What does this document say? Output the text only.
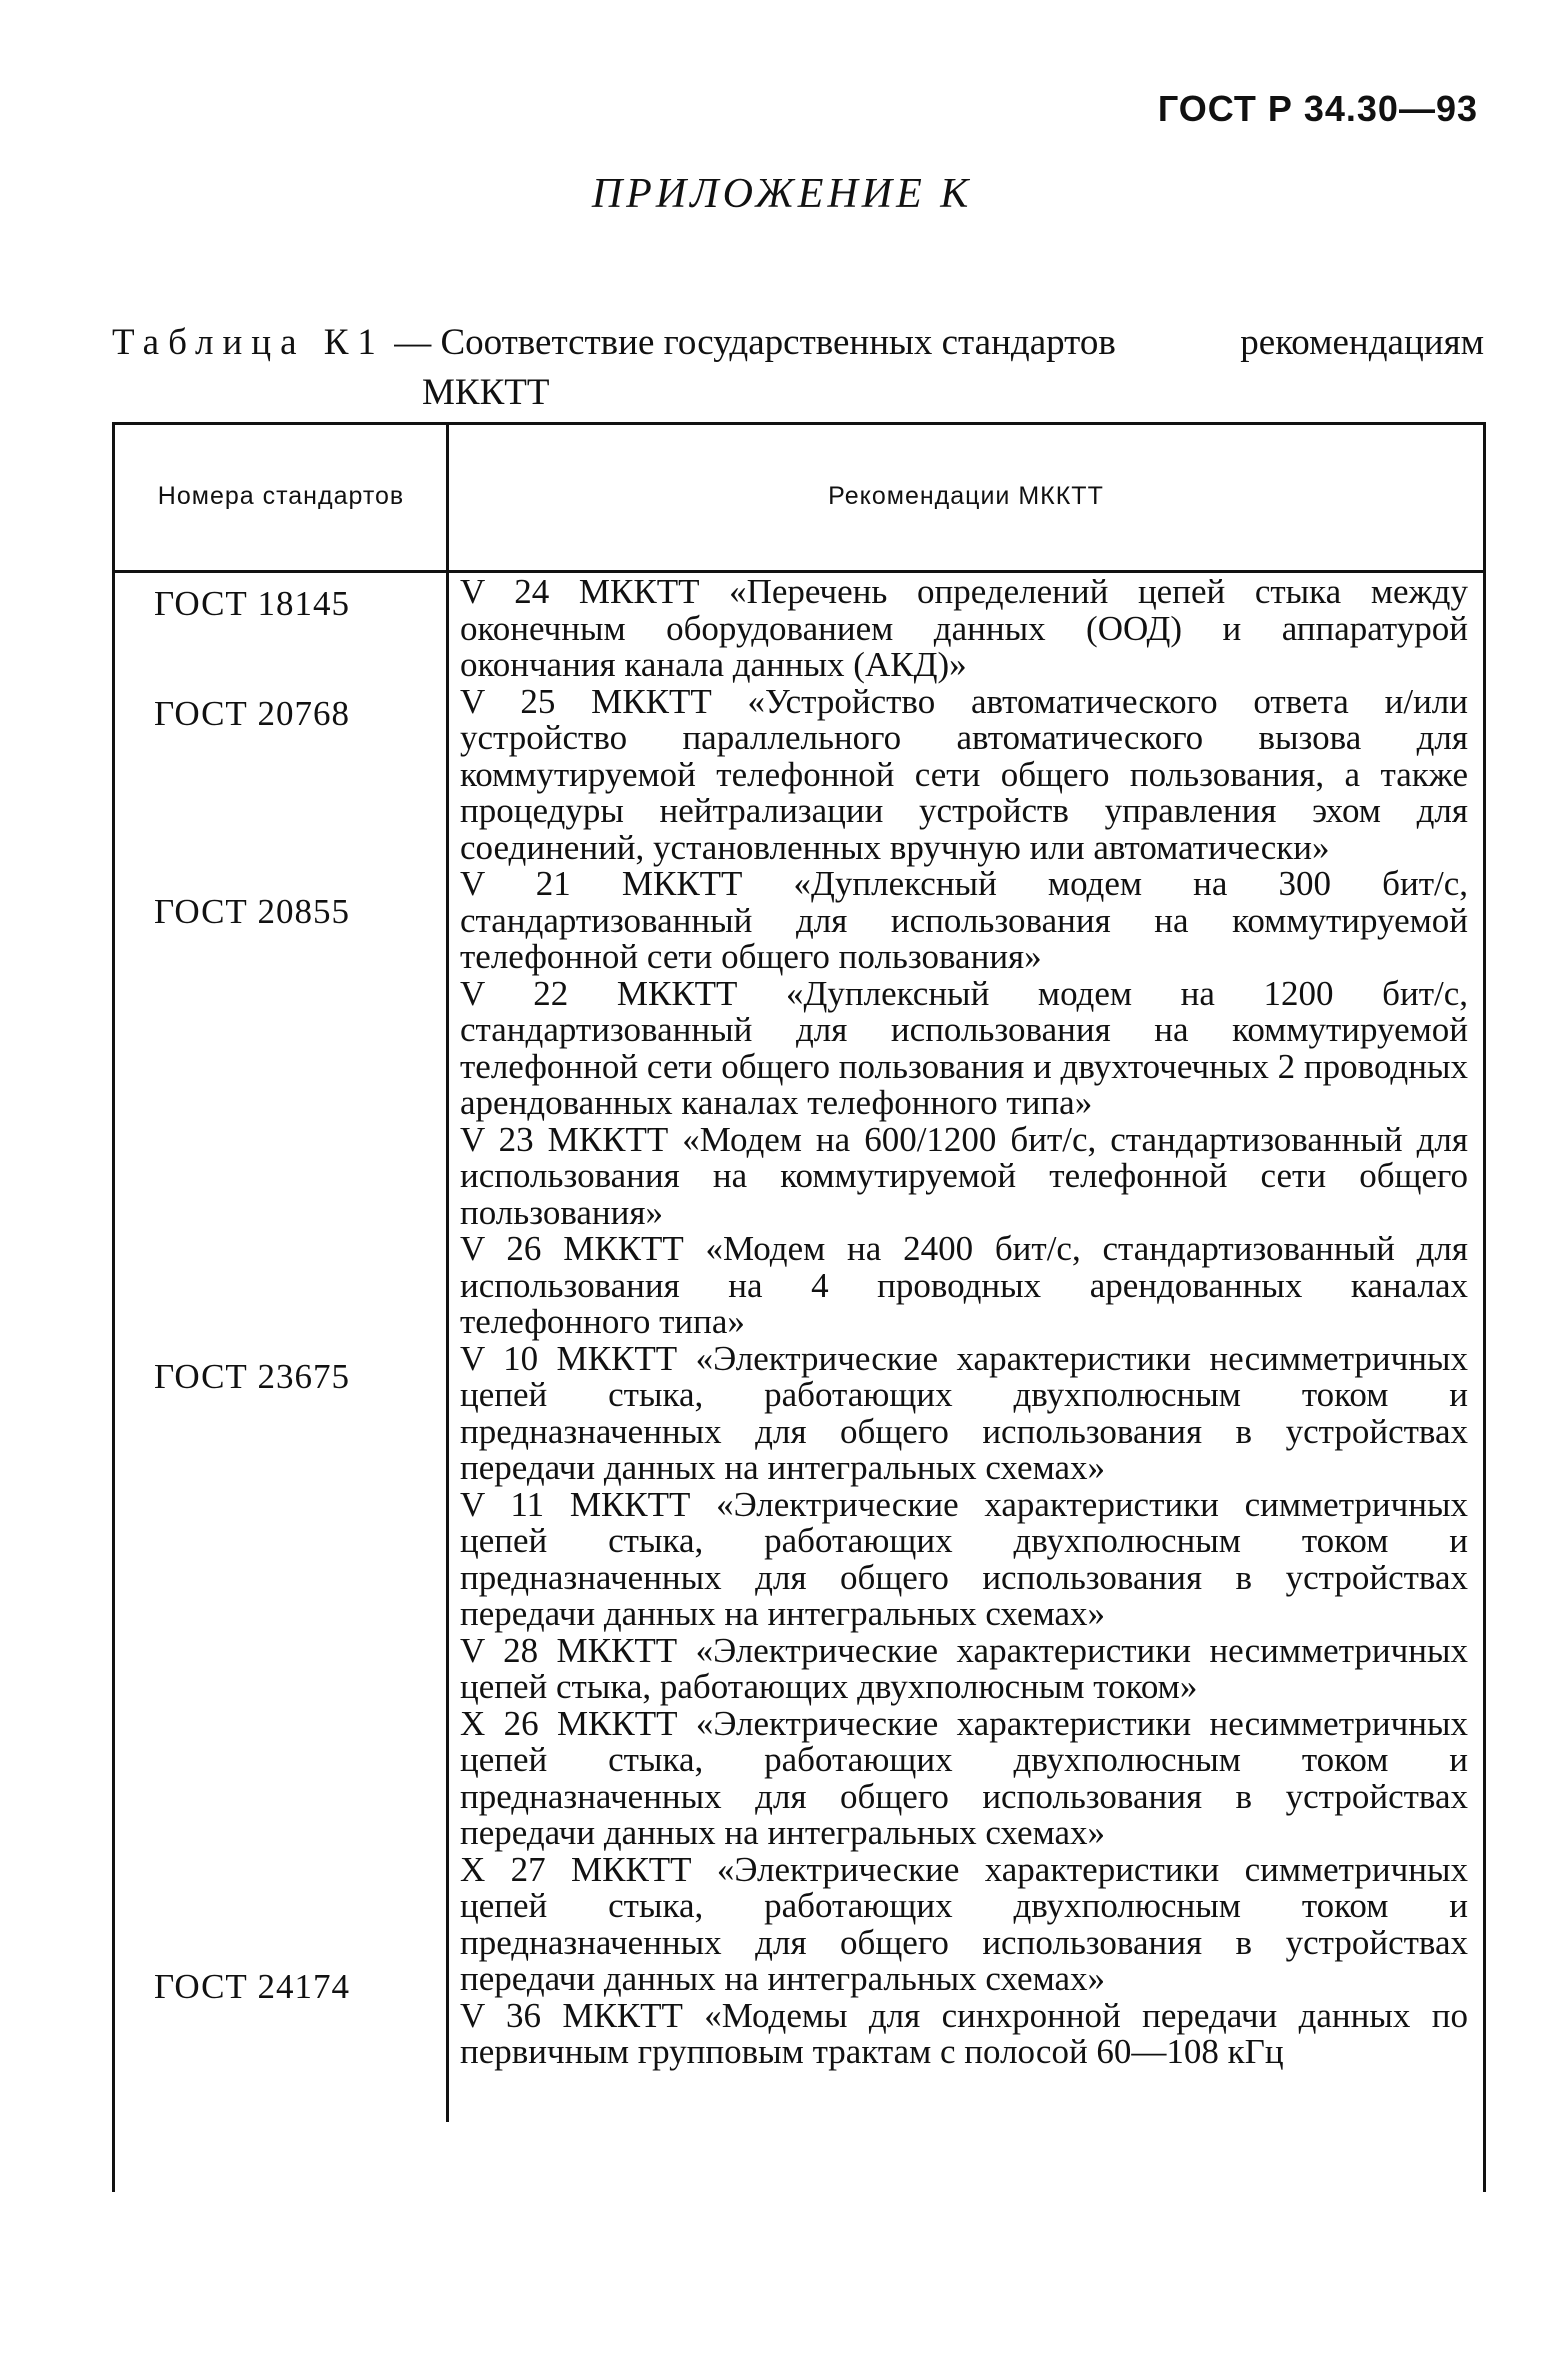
ГОСТ Р 34.30—93
ПРИЛОЖЕНИЕ К
Таблица К1 — Соответствие государственных стандартов	рекомендациям
МККТТ
Номера стандартов	Рекомендации МККТТ
ГОСТ 18145
ГОСТ 20768
ГОСТ 20855
ГОСТ 23675
ГОСТ 24174
V 24 МККТТ «Перечень определений цепей стыка между оконечным оборудованием данных (ООД) и аппаратурой окончания канала данных (АКД)»
V 25 МККТТ «Устройство автоматического ответа и/или устройство параллельного автоматического вызова для коммутируемой телефонной сети общего пользования, а также процедуры нейтрализации устройств управления эхом для соединений, установленных вручную или автоматически»
V 21 МККТТ «Дуплексный модем на 300 бит/с, стандартизованный для использования на коммутируемой телефонной сети общего пользования»
V 22 МККТТ «Дуплексный модем на 1200 бит/с, стандартизованный для использования на коммутируемой телефонной сети общего пользования и двухточечных 2 проводных арендованных каналах телефонного типа»
V 23 МККТТ «Модем на 600/1200 бит/с, стандартизованный для использования на коммутируемой телефонной сети общего пользования»
V 26 МККТТ «Модем на 2400 бит/с, стандартизованный для использования на 4 проводных арендованных каналах телефонного типа»
V 10 МККТТ «Электрические характеристики несимметричных цепей стыка, работающих двухполюсным током и предназначенных для общего использования в устройствах передачи данных на интегральных схемах»
V 11 МККТТ «Электрические характеристики симметричных цепей стыка, работающих двухполюсным током и предназначенных для общего использования в устройствах передачи данных на интегральных схемах»
V 28 МККТТ «Электрические характеристики несимметричных цепей стыка, работающих двухполюсным током»
X 26 МККТТ «Электрические характеристики несимметричных цепей стыка, работающих двухполюсным током и предназначенных для общего использования в устройствах передачи данных на интегральных схемах»
X 27 МККТТ «Электрические характеристики симметричных цепей стыка, работающих двухполюсным током и предназначенных для общего использования в устройствах передачи данных на интегральных схемах»
V 36 МККТТ «Модемы для синхронной передачи данных по первичным групповым трактам с полосой 60—108 кГц
